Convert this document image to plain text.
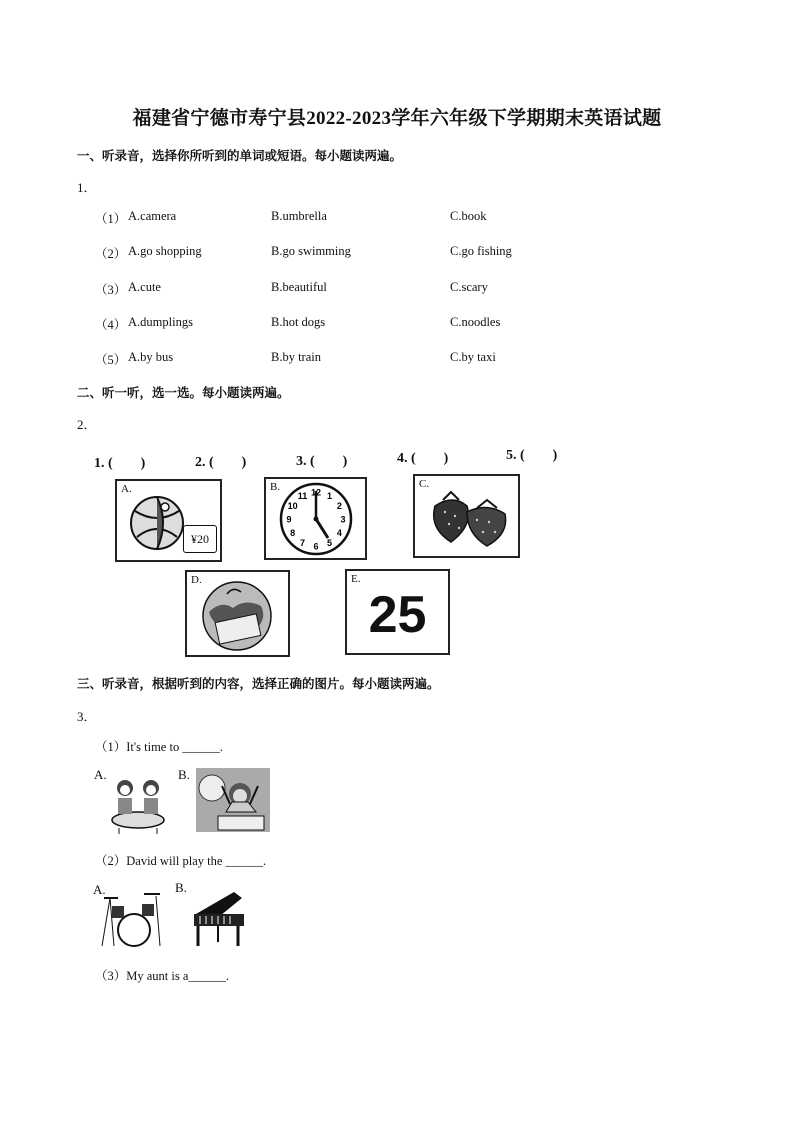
福建省宁德市寿宁县2022-2023学年六年级下学期期末英语试题
一、听录音，选择你所听到的单词或短语。每小题读两遍。
1．
（1） A.camera	B.umbrella	C.book
（2） A.go shopping	B.go swimming	C.go fishing
（3） A.cute	B.beautiful	C.scary
（4） A.dumplings	B.hot dogs	C.noodles
（5） A.by bus	B.by train	C.by taxi
二、听一听，选一选。每小题读两遍。
2．
1. (　　)	2. (　　)	3. (　　)	4. (　　)	5. (　　)
A.
¥20
B.	12 1
2
3
4
5
6
7
8
9
10
11
C.
D.	E.
25
三、听录音，根据听到的内容，选择正确的图片。每小题读两遍。
3．
（1）It's time to ______.
A.	B.
（2）David will play the ______.
A.	B.
（3）My aunt is a______.
